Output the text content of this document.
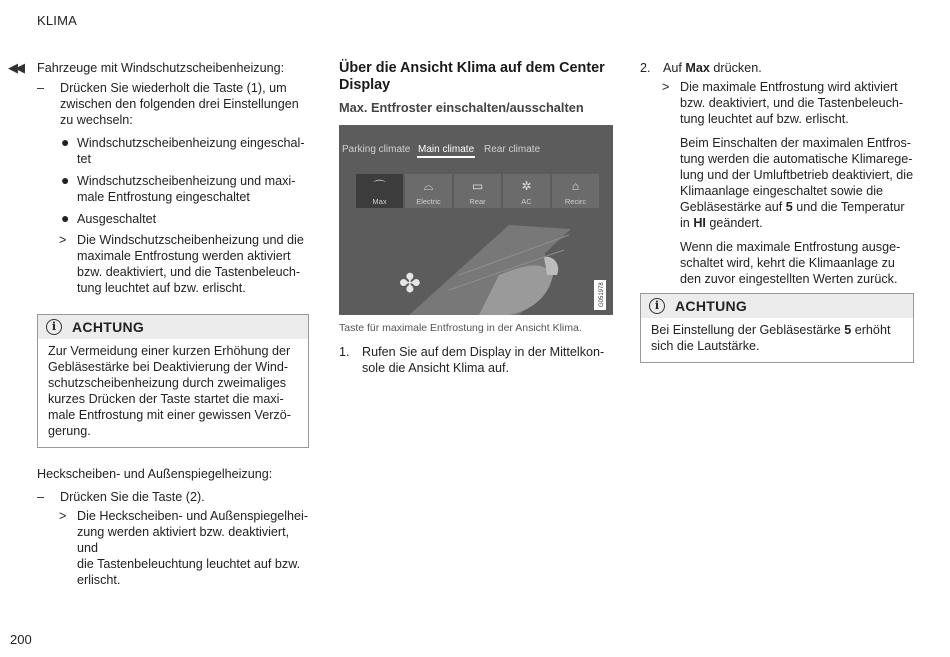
KLIMA
◀◀
200

Fahrzeuge mit Windschutzscheibenheizung:

–	Drücken Sie wiederholt die Taste (1), um

zwischen den folgenden drei Einstellungen

zu wechseln:

● Windschutzscheibenheizung eingeschal-

tet

● Windschutzscheibenheizung und maxi-

male Entfrostung eingeschaltet

● Ausgeschaltet

> Die Windschutzscheibenheizung und die

maximale Entfrostung werden aktiviert

bzw. deaktiviert, und die Tastenbeleuch-

tung leuchtet auf bzw. erlischt.

i	ACHTUNG

Zur Vermeidung einer kurzen Erhöhung der

Gebläsestärke bei Deaktivierung der Wind-

schutzscheibenheizung durch zweimaliges

kurzes Drücken der Taste startet die maxi-

male Entfrostung mit einer gewissen Verzö-

gerung.

Heckscheiben- und Außenspiegelheizung:

–	Drücken Sie die Taste (2).

> Die Heckscheiben- und Außenspiegelhei-

zung werden aktiviert bzw. deaktiviert, und

die Tastenbeleuchtung leuchtet auf bzw.

erlischt.

Über die Ansicht Klima auf dem Center
Display
Max. Entfroster einschalten/ausschalten
Parking climate Main climate Rear climate
⌒
Max
⌓
Electric
▭
Rear
✲
AC
⌂
Recirc
✤	G051978

Taste für maximale Entfrostung in der Ansicht Klima.

1. Rufen Sie auf dem Display in der Mittelkon-

sole die Ansicht Klima auf.

2. Auf Max drücken.

> Die maximale Entfrostung wird aktiviert

bzw. deaktiviert, und die Tastenbeleuch-

tung leuchtet auf bzw. erlischt.

Beim Einschalten der maximalen Entfros-

tung werden die automatische Klimarege-

lung und der Umluftbetrieb deaktiviert, die

Klimaanlage eingeschaltet sowie die

Gebläsestärke auf 5 und die Temperatur

in HI geändert.

Wenn die maximale Entfrostung ausge-

schaltet wird, kehrt die Klimaanlage zu

den zuvor eingestellten Werten zurück.

i	ACHTUNG

Bei Einstellung der Gebläsestärke 5 erhöht

sich die Lautstärke.
